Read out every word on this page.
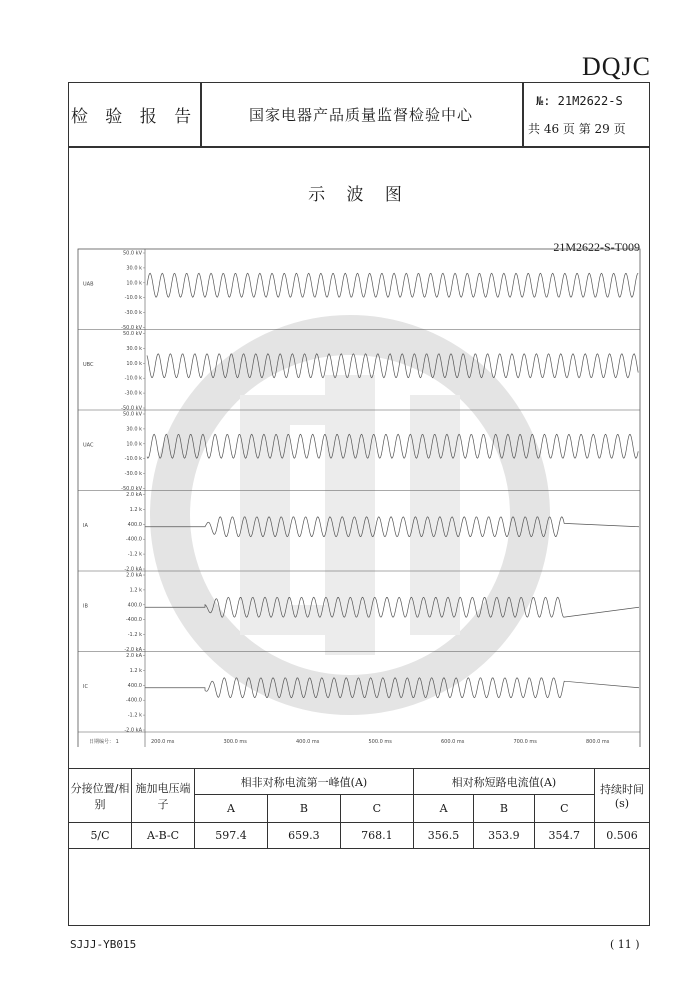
DQJC
检 验 报 告	国家电器产品质量监督检验中心
№: 21M2622-S
共 46 页 第 29 页
示 波 图
21M2622-S-T009
UAB
50.0 kV
30.0 k
10.0 k
-10.0 k
-30.0 k
-50.0 kV
UBC
50.0 kV
30.0 k
10.0 k
-10.0 k
-30.0 k
-50.0 kV
UAC
50.0 kV
30.0 k
10.0 k
-10.0 k
-30.0 k
-50.0 kV
IA
2.0 kA
1.2 k
400.0
-400.0
-1.2 k
-2.0 kA
IB
2.0 kA
1.2 k
400.0
-400.0
-1.2 k
-2.0 kA
IC
2.0 kA
1.2 k
400.0
-400.0
-1.2 k
-2.0 kA
日期编号： 1	200.0 ms	300.0 ms	400.0 ms	500.0 ms	600.0 ms	700.0 ms	800.0 ms
分接位置/相别	施加电压端子	相非对称电流第一峰值(A)			相对称短路电流值(A)			持续时间(s)
		A	B	C	A	B	C	
5/C	A-B-C	597.4	659.3	768.1	356.5	353.9	354.7	0.506
SJJJ-YB015	( 11 )
